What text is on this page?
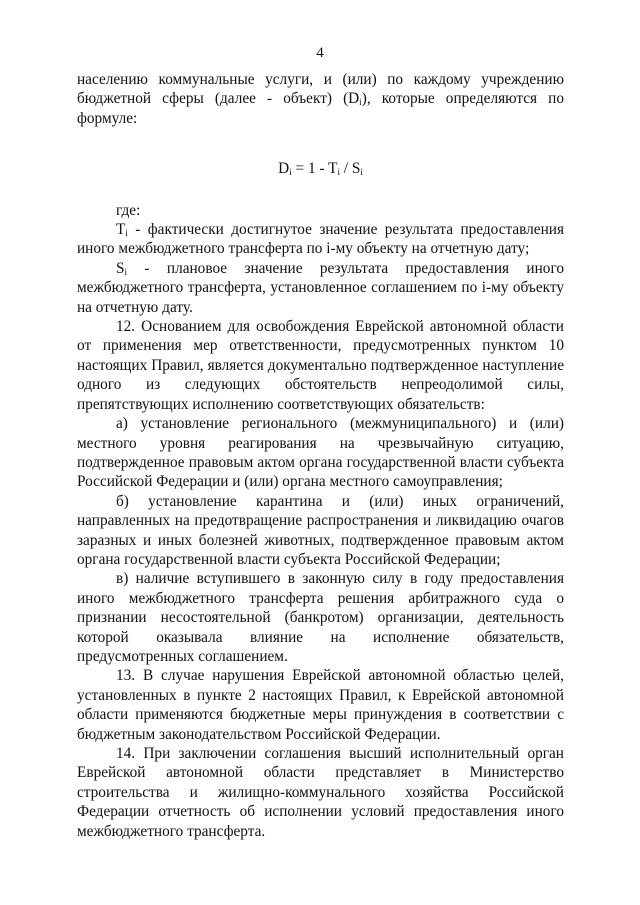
4

населению коммунальные услуги, и (или) по каждому учреждению бюджетной сферы (далее - объект) $(D_i)$, которые определяются по формуле:

$D_i = 1 - T_i / S_i$

где:

$T_i$ - фактически достигнутое значение результата предоставления иного межбюджетного трансферта по i-му объекту на отчетную дату;

$S_i$ - плановое значение результата предоставления иного межбюджетного трансферта, установленное соглашением по i-му объекту на отчетную дату.

12. Основанием для освобождения Еврейской автономной области от применения мер ответственности, предусмотренных пунктом 10 настоящих Правил, является документально подтвержденное наступление одного из следующих обстоятельств непреодолимой силы, препятствующих исполнению соответствующих обязательств:

а) установление регионального (межмуниципального) и (или) местного уровня реагирования на чрезвычайную ситуацию, подтвержденное правовым актом органа государственной власти субъекта Российской Федерации и (или) органа местного самоуправления;

б) установление карантина и (или) иных ограничений, направленных на предотвращение распространения и ликвидацию очагов заразных и иных болезней животных, подтвержденное правовым актом органа государственной власти субъекта Российской Федерации;

в) наличие вступившего в законную силу в году предоставления иного межбюджетного трансферта решения арбитражного суда о признании несостоятельной (банкротом) организации, деятельность которой оказывала влияние на исполнение обязательств, предусмотренных соглашением.

13. В случае нарушения Еврейской автономной областью целей, установленных в пункте 2 настоящих Правил, к Еврейской автономной области применяются бюджетные меры принуждения в соответствии с бюджетным законодательством Российской Федерации.

14. При заключении соглашения высший исполнительный орган Еврейской автономной области представляет в Министерство строительства и жилищно-коммунального хозяйства Российской Федерации отчетность об исполнении условий предоставления иного межбюджетного трансферта.
